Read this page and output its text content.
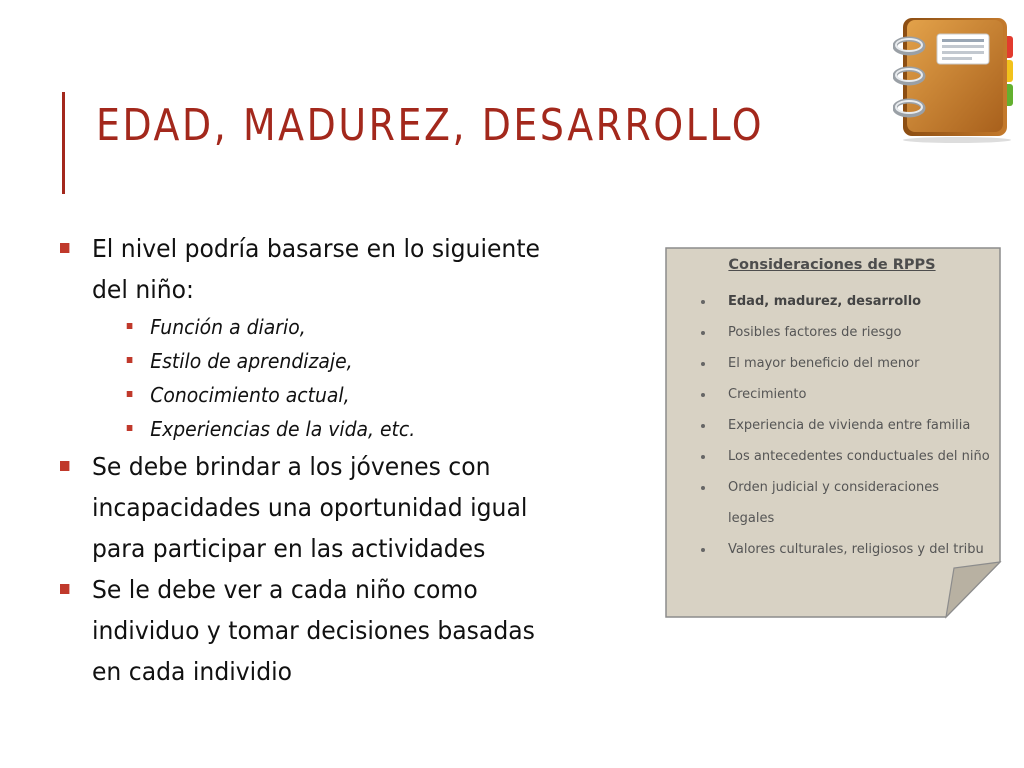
EDAD, MADUREZ, DESARROLLO
El nivel podría basarse en lo siguiente
del niño:
Función a diario,
Estilo de aprendizaje,
Conocimiento actual,
Experiencias de la vida, etc.
Se debe brindar a los jóvenes con
incapacidades una oportunidad igual
para participar en las actividades
Se le debe ver a cada niño como
individuo y tomar decisiones basadas
en cada individio
Consideraciones de RPPS
Edad, madurez, desarrollo
Posibles factores de riesgo
El mayor beneficio del menor
Crecimiento
Experiencia de vivienda entre familia
Los antecedentes conductuales del niño
Orden judicial y consideraciones
legales
Valores culturales, religiosos y del tribu
